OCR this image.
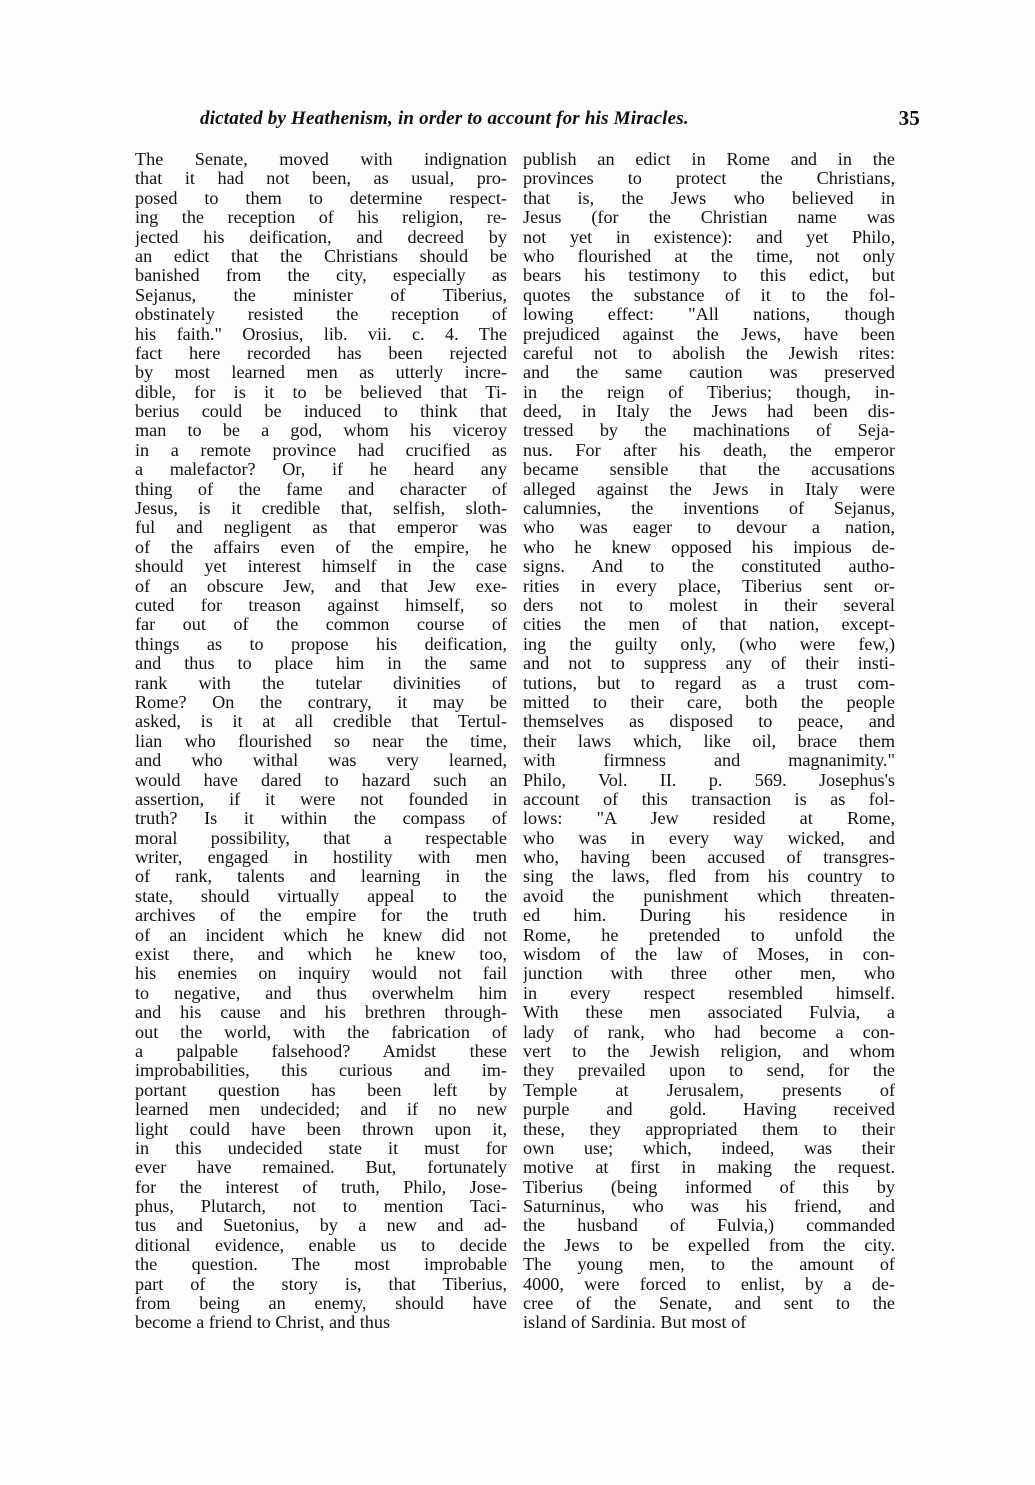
dictated by Heathenism, in order to account for his Miracles.	35
The Senate, moved with indignation
that it had not been, as usual, pro-
posed to them to determine respect-
ing the reception of his religion, re-
jected his deification, and decreed by
an edict that the Christians should be
banished from the city, especially as
Sejanus, the minister of Tiberius,
obstinately resisted the reception of
his faith." Orosius, lib. vii. c. 4. The
fact here recorded has been rejected
by most learned men as utterly incre-
dible, for is it to be believed that Ti-
berius could be induced to think that
man to be a god, whom his viceroy
in a remote province had crucified as
a malefactor? Or, if he heard any
thing of the fame and character of
Jesus, is it credible that, selfish, sloth-
ful and negligent as that emperor was
of the affairs even of the empire, he
should yet interest himself in the case
of an obscure Jew, and that Jew exe-
cuted for treason against himself, so
far out of the common course of
things as to propose his deification,
and thus to place him in the same
rank with the tutelar divinities of
Rome? On the contrary, it may be
asked, is it at all credible that Tertul-
lian who flourished so near the time,
and who withal was very learned,
would have dared to hazard such an
assertion, if it were not founded in
truth? Is it within the compass of
moral possibility, that a respectable
writer, engaged in hostility with men
of rank, talents and learning in the
state, should virtually appeal to the
archives of the empire for the truth
of an incident which he knew did not
exist there, and which he knew too,
his enemies on inquiry would not fail
to negative, and thus overwhelm him
and his cause and his brethren through-
out the world, with the fabrication of
a palpable falsehood? Amidst these
improbabilities, this curious and im-
portant question has been left by
learned men undecided; and if no new
light could have been thrown upon it,
in this undecided state it must for
ever have remained. But, fortunately
for the interest of truth, Philo, Jose-
phus, Plutarch, not to mention Taci-
tus and Suetonius, by a new and ad-
ditional evidence, enable us to decide
the question. The most improbable
part of the story is, that Tiberius,
from being an enemy, should have
become a friend to Christ, and thus
publish an edict in Rome and in the
provinces to protect the Christians,
that is, the Jews who believed in
Jesus (for the Christian name was
not yet in existence): and yet Philo,
who flourished at the time, not only
bears his testimony to this edict, but
quotes the substance of it to the fol-
lowing effect: "All nations, though
prejudiced against the Jews, have been
careful not to abolish the Jewish rites:
and the same caution was preserved
in the reign of Tiberius; though, in-
deed, in Italy the Jews had been dis-
tressed by the machinations of Seja-
nus. For after his death, the emperor
became sensible that the accusations
alleged against the Jews in Italy were
calumnies, the inventions of Sejanus,
who was eager to devour a nation,
who he knew opposed his impious de-
signs. And to the constituted autho-
rities in every place, Tiberius sent or-
ders not to molest in their several
cities the men of that nation, except-
ing the guilty only, (who were few,)
and not to suppress any of their insti-
tutions, but to regard as a trust com-
mitted to their care, both the people
themselves as disposed to peace, and
their laws which, like oil, brace them
with firmness and magnanimity."
Philo, Vol. II. p. 569. Josephus's
account of this transaction is as fol-
lows: "A Jew resided at Rome,
who was in every way wicked, and
who, having been accused of transgres-
sing the laws, fled from his country to
avoid the punishment which threaten-
ed him. During his residence in
Rome, he pretended to unfold the
wisdom of the law of Moses, in con-
junction with three other men, who
in every respect resembled himself.
With these men associated Fulvia, a
lady of rank, who had become a con-
vert to the Jewish religion, and whom
they prevailed upon to send, for the
Temple at Jerusalem, presents of
purple and gold. Having received
these, they appropriated them to their
own use; which, indeed, was their
motive at first in making the request.
Tiberius (being informed of this by
Saturninus, who was his friend, and
the husband of Fulvia,) commanded
the Jews to be expelled from the city.
The young men, to the amount of
4000, were forced to enlist, by a de-
cree of the Senate, and sent to the
island of Sardinia. But most of
